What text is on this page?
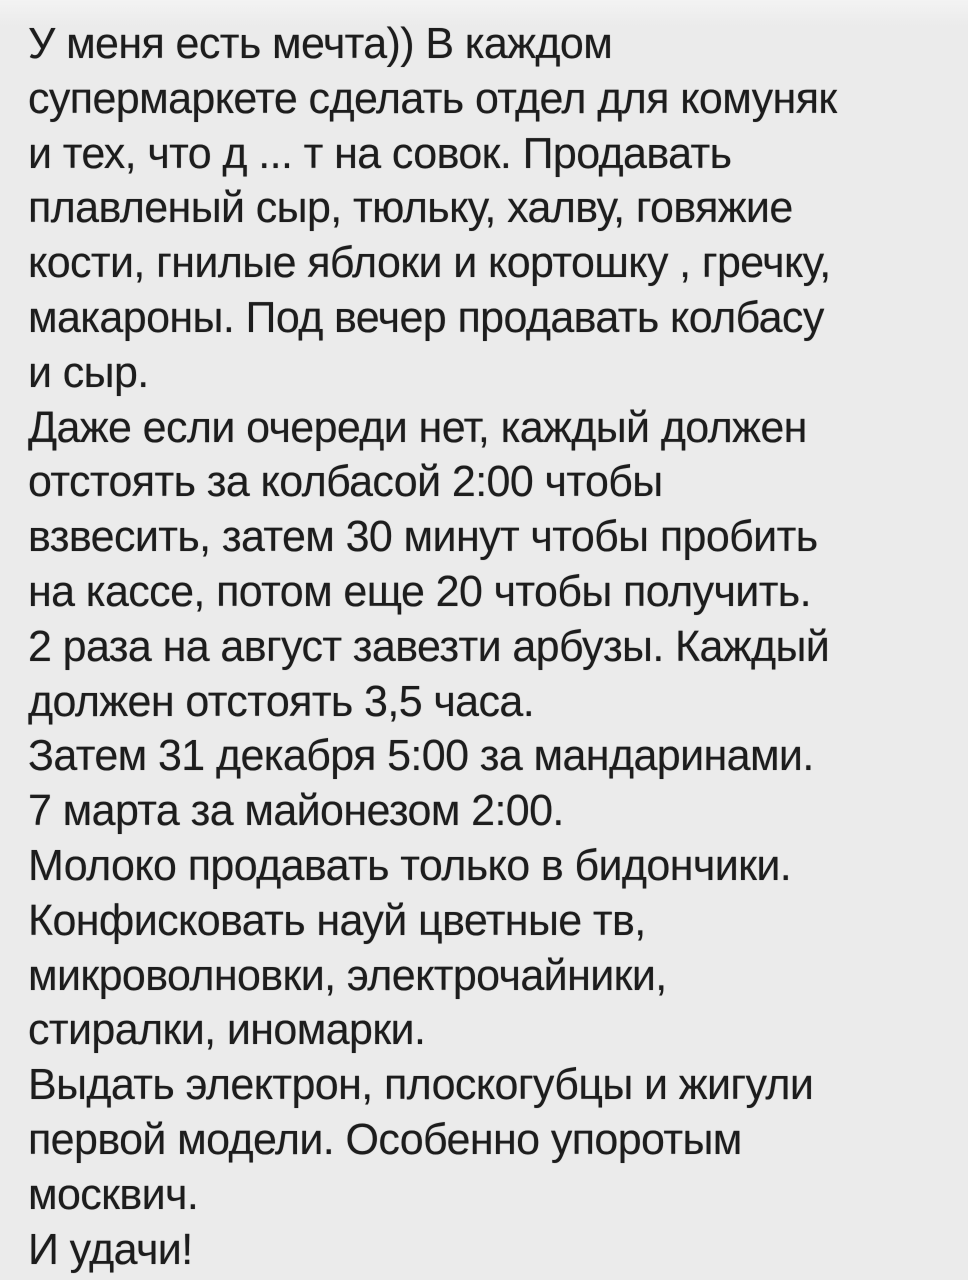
У меня есть мечта)) В каждом
супермаркете сделать отдел для комуняк
и тех, что д ... т на совок. Продавать
плавленый сыр, тюльку, халву, говяжие
кости, гнилые яблоки и кортошку , гречку,
макароны. Под вечер продавать колбасу
и сыр.
Даже если очереди нет, каждый должен
отстоять за колбасой 2:00 чтобы
взвесить, затем 30 минут чтобы пробить
на кассе, потом еще 20 чтобы получить.
2 раза на август завезти арбузы. Каждый
должен отстоять 3,5 часа.
Затем 31 декабря 5:00 за мандаринами.
7 марта за майонезом 2:00.
Молоко продавать только в бидончики.
Конфисковать науй цветные тв,
микроволновки, электрочайники,
стиралки, иномарки.
Выдать электрон, плоскогубцы и жигули
первой модели. Особенно упоротым
москвич.
И удачи!
